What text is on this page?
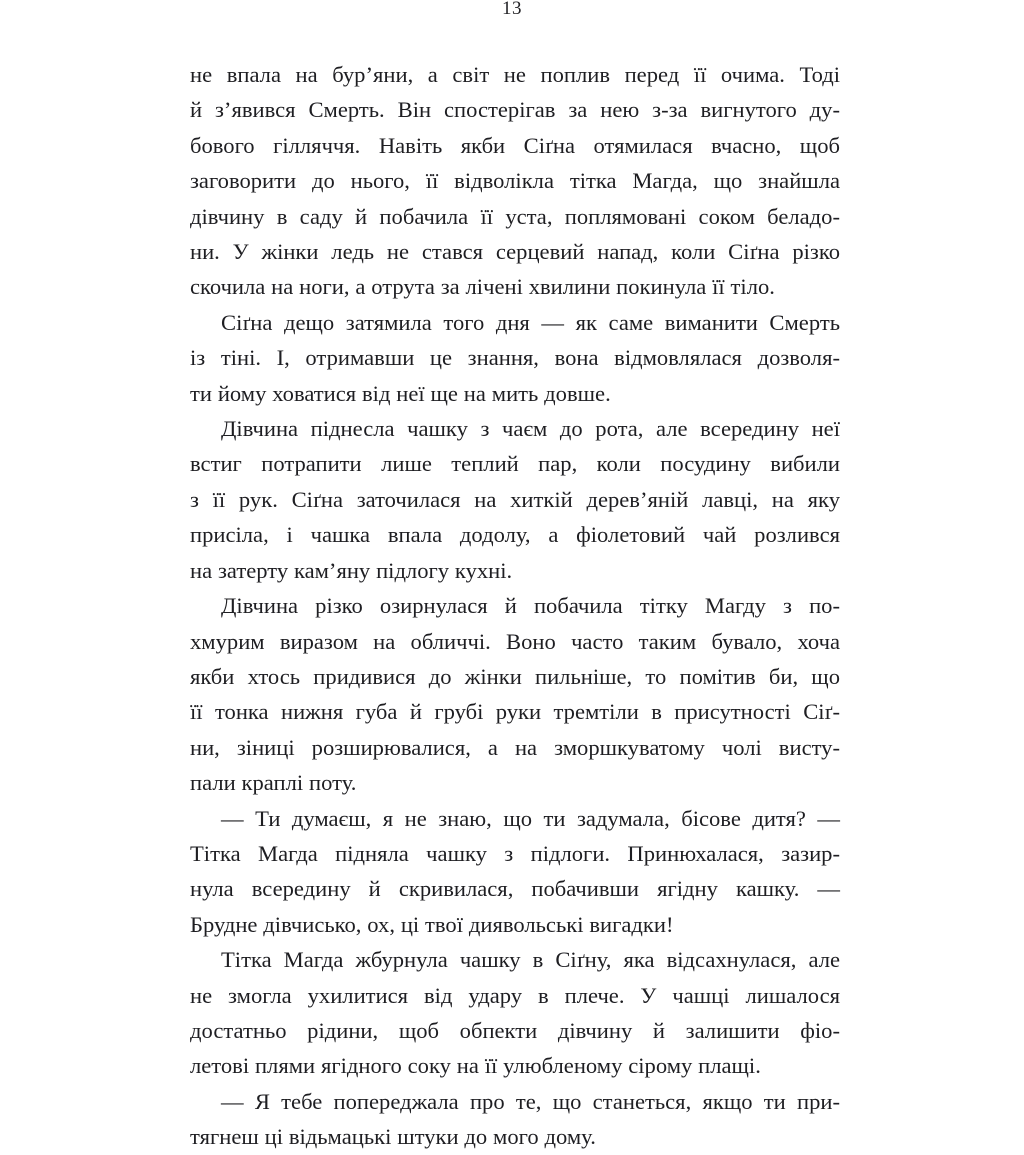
13

не впала на бур’яни, а світ не поплив перед її очима. Тоді
й з’явився Смерть. Він спостерігав за нею з-за вигнутого ду-
бового гілляччя. Навіть якби Сіґна отямилася вчасно, щоб
заговорити до нього, її відволікла тітка Магда, що знайшла
дівчину в саду й побачила її уста, поплямовані соком беладо-
ни. У жінки ледь не стався серцевий напад, коли Сіґна різко
скочила на ноги, а отрута за лічені хвилини покинула її тіло.

Сіґна дещо затямила того дня — як саме виманити Смерть
із тіні. І, отримавши це знання, вона відмовлялася дозволя-
ти йому ховатися від неї ще на мить довше.

Дівчина піднесла чашку з чаєм до рота, але всередину неї
встиг потрапити лише теплий пар, коли посудину вибили
з її рук. Сіґна заточилася на хиткій дерев’яній лавці, на яку
присіла, і чашка впала додолу, а фіолетовий чай розлився
на затерту кам’яну підлогу кухні.

Дівчина різко озирнулася й побачила тітку Магду з по-
хмурим виразом на обличчі. Воно часто таким бувало, хоча
якби хтось придивися до жінки пильніше, то помітив би, що
її тонка нижня губа й грубі руки тремтіли в присутності Сіґ-
ни, зіниці розширювалися, а на зморшкуватому чолі висту-
пали краплі поту.

— Ти думаєш, я не знаю, що ти задумала, бісове дитя? —
Тітка Магда підняла чашку з підлоги. Принюхалася, зазир-
нула всередину й скривилася, побачивши ягідну кашку. —
Брудне дівчисько, ох, ці твої диявольські вигадки!

Тітка Магда жбурнула чашку в Сіґну, яка відсахнулася, але
не змогла ухилитися від удару в плече. У чашці лишалося
достатньо рідини, щоб обпекти дівчину й залишити фіо-
летові плями ягідного соку на її улюбленому сірому плащі.

— Я тебе попереджала про те, що станеться, якщо ти при-
тягнеш ці відьмацькі штуки до мого дому.
